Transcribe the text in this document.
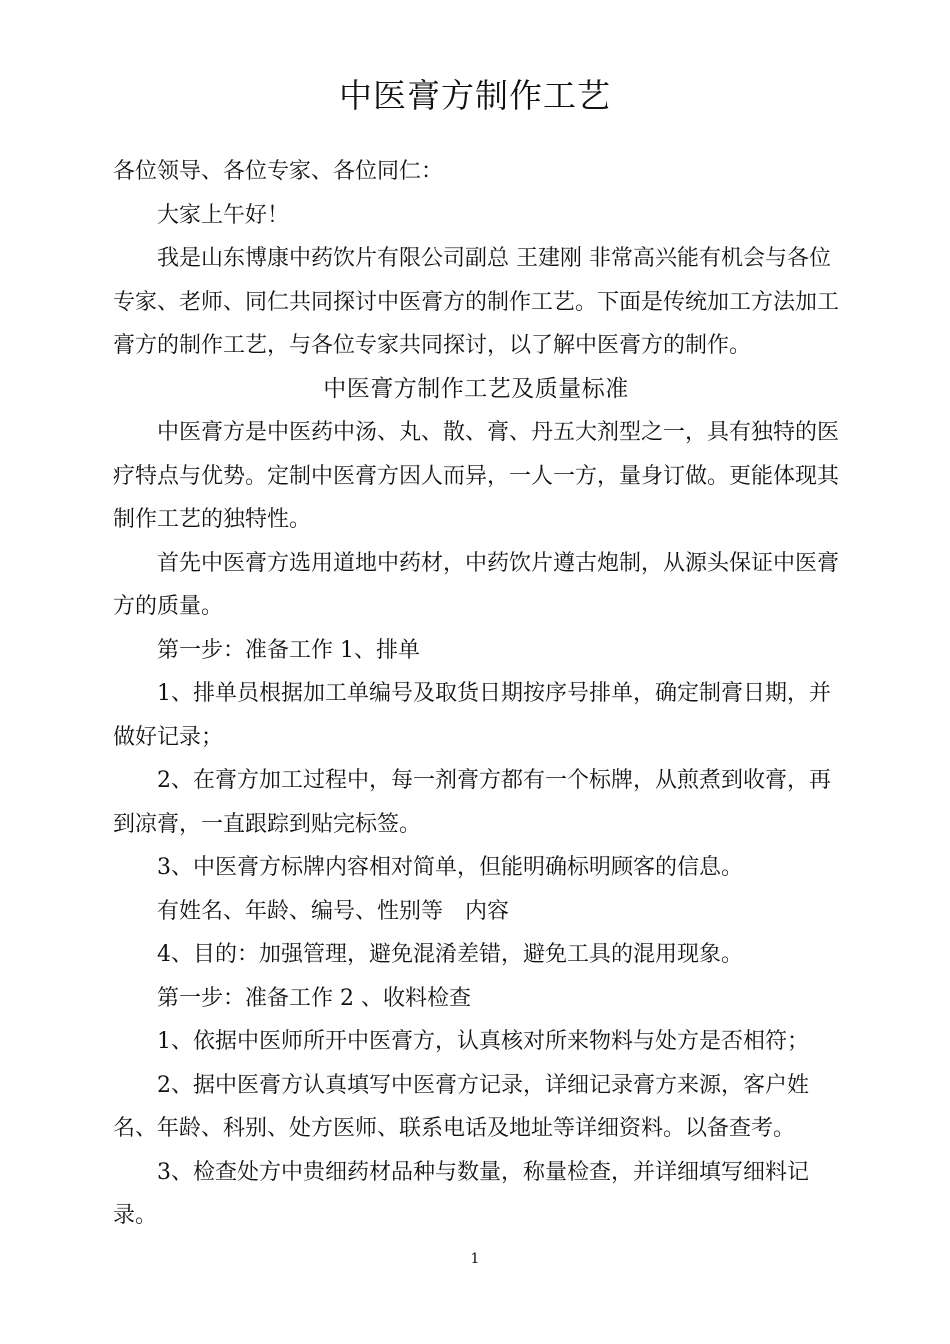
中医膏方制作工艺

各位领导、各位专家、各位同仁：

大家上午好！

我是山东博康中药饮片有限公司副总 王建刚 非常高兴能有机会与各位专家、老师、同仁共同探讨中医膏方的制作工艺。下面是传统加工方法加工膏方的制作工艺，与各位专家共同探讨，以了解中医膏方的制作。

中医膏方制作工艺及质量标准

中医膏方是中医药中汤、丸、散、膏、丹五大剂型之一，具有独特的医疗特点与优势。定制中医膏方因人而异，一人一方，量身订做。更能体现其制作工艺的独特性。

首先中医膏方选用道地中药材，中药饮片遵古炮制，从源头保证中医膏方的质量。

第一步：准备工作 1、排单

1、排单员根据加工单编号及取货日期按序号排单，确定制膏日期，并做好记录；

2、在膏方加工过程中，每一剂膏方都有一个标牌，从煎煮到收膏，再到凉膏，一直跟踪到贴完标签。

3、中医膏方标牌内容相对简单，但能明确标明顾客的信息。

有姓名、年龄、编号、性别等　内容

4、目的：加强管理，避免混淆差错，避免工具的混用现象。

第一步：准备工作 2 、收料检查

1、依据中医师所开中医膏方，认真核对所来物料与处方是否相符；

2、据中医膏方认真填写中医膏方记录，详细记录膏方来源，客户姓名、年龄、科别、处方医师、联系电话及地址等详细资料。以备查考。

3、检查处方中贵细药材品种与数量，称量检查，并详细填写细料记录。

1
